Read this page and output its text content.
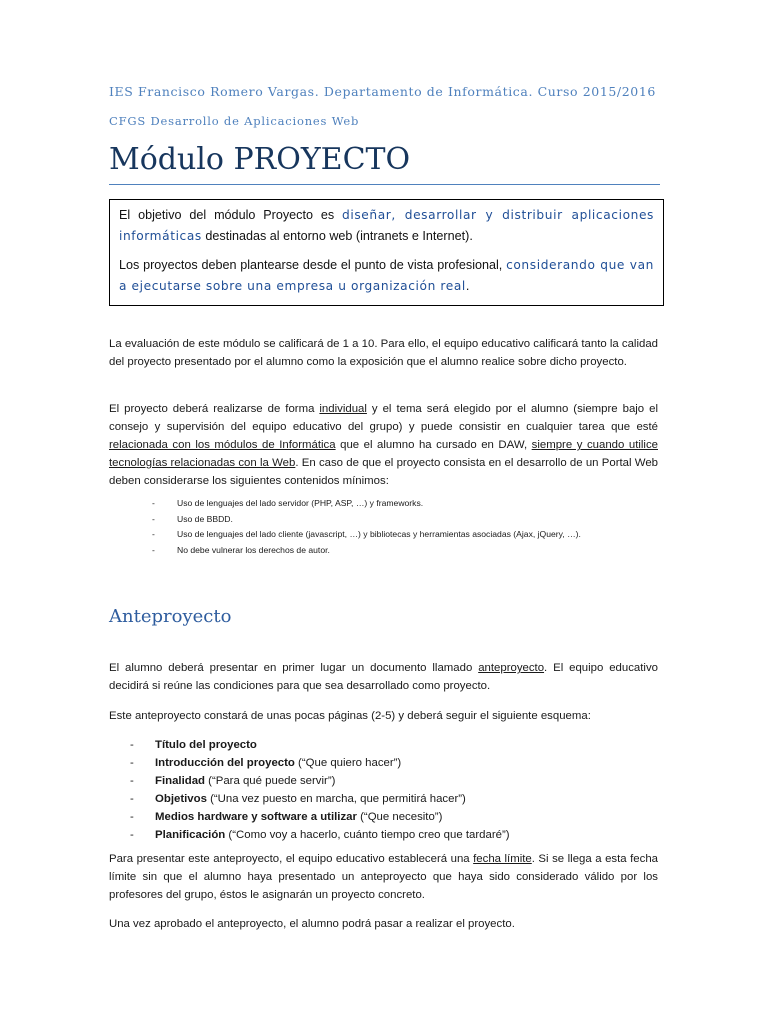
IES Francisco Romero Vargas. Departamento de Informática. Curso 2015/2016
CFGS Desarrollo de Aplicaciones Web
Módulo PROYECTO

El objetivo del módulo Proyecto es diseñar, desarrollar y distribuir aplicaciones informáticas destinadas al entorno web (intranets e Internet).

Los proyectos deben plantearse desde el punto de vista profesional, considerando que van a ejecutarse sobre una empresa u organización real.

La evaluación de este módulo se calificará de 1 a 10. Para ello, el equipo educativo calificará tanto la calidad del proyecto presentado por el alumno como la exposición que el alumno realice sobre dicho proyecto.

El proyecto deberá realizarse de forma individual y el tema será elegido por el alumno (siempre bajo el consejo y supervisión del equipo educativo del grupo) y puede consistir en cualquier tarea que esté relacionada con los módulos de Informática que el alumno ha cursado en DAW, siempre y cuando utilice tecnologías relacionadas con la Web. En caso de que el proyecto consista en el desarrollo de un Portal Web deben considerarse los siguientes contenidos mínimos:

-	Uso de lenguajes del lado servidor (PHP, ASP, …) y frameworks.
-	Uso de BBDD.
-	Uso de lenguajes del lado cliente (javascript, …) y bibliotecas y herramientas asociadas (Ajax, jQuery, …).
-	No debe vulnerar los derechos de autor.
Anteproyecto

El alumno deberá presentar en primer lugar un documento llamado anteproyecto. El equipo educativo decidirá si reúne las condiciones para que sea desarrollado como proyecto.

Este anteproyecto constará de unas pocas páginas (2-5) y deberá seguir el siguiente esquema:

-	Título del proyecto
-	Introducción del proyecto (“Que quiero hacer”)
-	Finalidad (“Para qué puede servir”)
-	Objetivos (“Una vez puesto en marcha, que permitirá hacer”)
-	Medios hardware y software a utilizar (“Que necesito”)
-	Planificación (“Como voy a hacerlo, cuánto tiempo creo que tardaré”)

Para presentar este anteproyecto, el equipo educativo establecerá una fecha límite. Si se llega a esta fecha límite sin que el alumno haya presentado un anteproyecto que haya sido considerado válido por los profesores del grupo, éstos le asignarán un proyecto concreto.

Una vez aprobado el anteproyecto, el alumno podrá pasar a realizar el proyecto.
